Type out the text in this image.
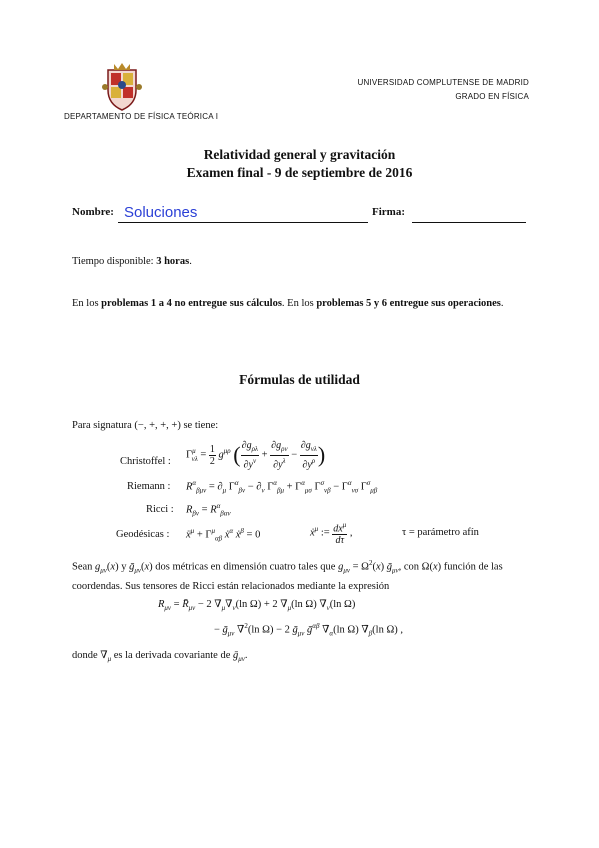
UNIVERSIDAD COMPLUTENSE DE MADRID
GRADO EN FÍSICA
DEPARTAMENTO DE FÍSICA TEÓRICA I
Relatividad general y gravitación
Examen final - 9 de septiembre de 2016
Nombre: Soluciones	Firma:
Tiempo disponible: 3 horas.
En los problemas 1 a 4 no entregue sus cálculos. En los problemas 5 y 6 entregue sus operaciones.
Fórmulas de utilidad
Para signatura (−, +, +, +) se tiene:
Christoffel :
$\Gamma^\mu_{\nu\lambda} = \frac{1}{2} g^{\mu\rho}$ ( $\frac{\partial g_{\rho\lambda}}{\partial y^\nu} + \frac{\partial g_{\rho\nu}}{\partial y^\lambda} - \frac{\partial g_{\nu\lambda}}{\partial y^\rho}$ )
Riemann : $R^\alpha_{\beta\mu\nu} = \partial_\mu$ $\Gamma^\alpha_{\beta\nu} - \partial_\nu$ $\Gamma^\alpha_{\beta\mu} + \Gamma^\alpha_{\mu\sigma}$ $\Gamma^\sigma_{\nu\beta} - \Gamma^\alpha_{\nu\sigma}$ $\Gamma^\sigma_{\mu\beta}$
Ricci : $R_{\beta\nu} = R^\alpha_{\beta\alpha\nu}$
Geodésicas : ẍ$^\mu$ + $\Gamma^\mu_{\alpha\beta}$ ẋ$^\alpha$ ẋ$^\beta$ = 0	ẋ$^\mu$ := $\frac{dx^\mu}{d\tau}$ ,	τ = parámetro afín
Sean $g_{\mu\nu}(x)$ y ḡ$_{\mu\nu}$(x) dos métricas en dimensión cuatro tales que $g_{\mu\nu} = \Omega^2(x)$ ḡ$_{\mu\nu}$, con Ω(x) función de las coordendas. Sus tensores de Ricci están relacionados mediante la expresión
$R_{\mu\nu}$ = $R̄_{\mu\nu} - 2$ $\nablā_\mu\nablā_\nu(\ln$ Ω) + 2 $\nablā_\mu(\ln$ Ω) $\nablā_\nu(\ln$ Ω)
− ḡ$_{\mu\nu}$ ∇̄$^2$(ln Ω) − 2 ḡ$_{\mu\nu}$ ḡ$^{\alpha\beta}$ $\nablā_\alpha(\ln$ Ω) $\nablā_\beta(\ln$ Ω) ,
donde $\nablā_\mu$ es la derivada covariante de ḡ$_{\mu\nu}$.
